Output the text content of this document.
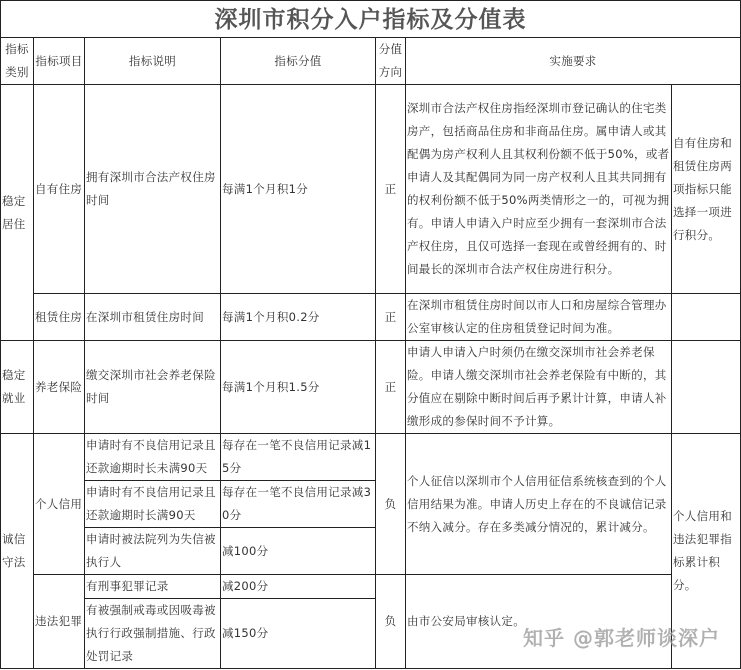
深圳市积分入户指标及分值表						
指标类别	指标项目	指标说明	指标分值	分值方向	实施要求	
稳定居住	自有住房	拥有深圳市合法产权住房时间	每满1个月积1分	正	深圳市合法产权住房指经深圳市登记确认的住宅类房产，包括商品住房和非商品住房。属申请人或其配偶为房产权利人且其权利份额不低于50%，或者申请人及其配偶同为同一房产权利人且其共同拥有的权利份额不低于50%两类情形之一的，可视为拥有。申请人申请入户时应至少拥有一套深圳市合法产权住房，且仅可选择一套现在或曾经拥有的、时间最长的深圳市合法产权住房进行积分。	自有住房和租赁住房两项指标只能选择一项进行积分。
	租赁住房	在深圳市租赁住房时间	每满1个月积0.2分	正	在深圳市租赁住房时间以市人口和房屋综合管理办公室审核认定的住房租赁登记时间为准。	
稳定就业	养老保险	缴交深圳市社会养老保险时间	每满1个月积1.5分	正	申请人申请入户时须仍在缴交深圳市社会养老保险。申请人缴交深圳市社会养老保险有中断的，其分值应在剔除中断时间后再予累计计算，申请人补缴形成的参保时间不予计算。	
诚信守法	个人信用	申请时有不良信用记录且还款逾期时长未满90天	每存在一笔不良信用记录减15分	负	个人征信以深圳市个人信用征信系统核查到的个人信用结果为准。申请人历史上存在的不良诚信记录不纳入减分。存在多类减分情况的，累计减分。	个人信用和违法犯罪指标累计积分。
		申请时有不良信用记录且还款逾期时长满90天	每存在一笔不良信用记录减30分			
		申请时被法院列为失信被执行人	减100分			
	违法犯罪	有刑事犯罪记录	减200分	负	由市公安局审核认定。	
		有被强制戒毒或因吸毒被执行行政强制措施、行政处罚记录	减150分				知乎 @郭老师谈深户
